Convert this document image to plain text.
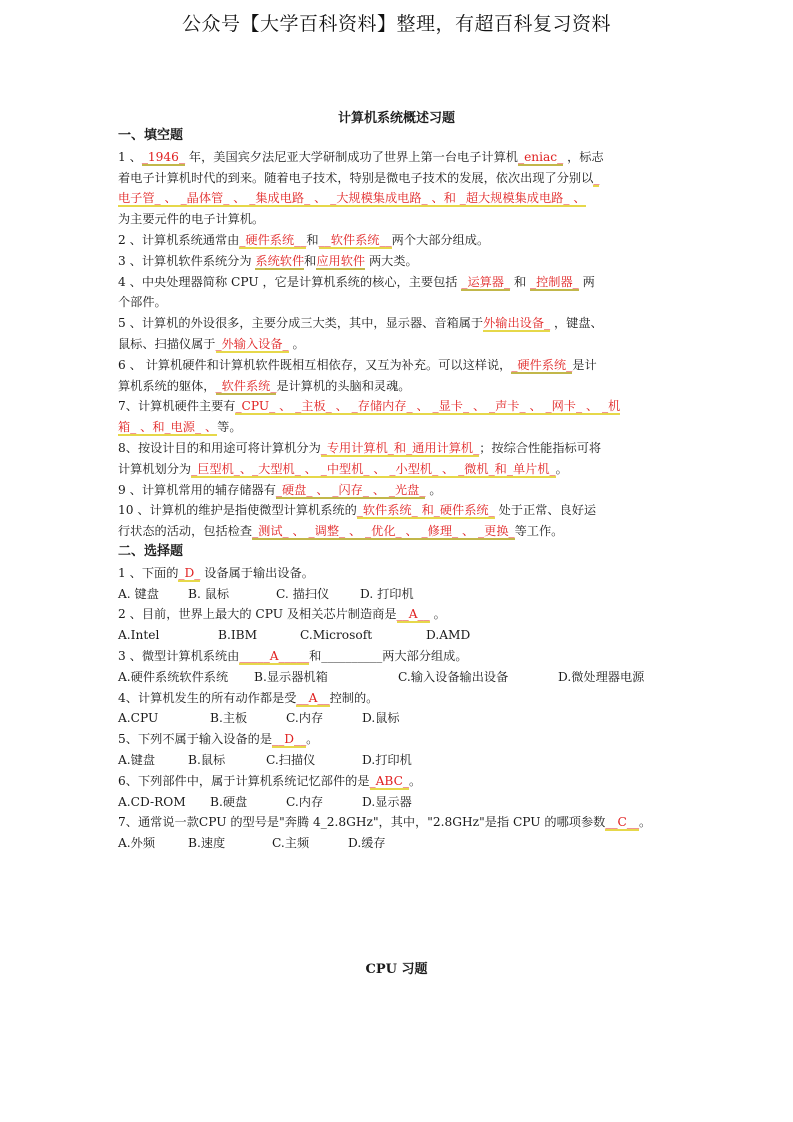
公众号【大学百科资料】整理，有超百科复习资料
计算机系统概述习题
一、填空题
1 、_1946_ 年，美国宾夕法尼亚大学研制成功了世界上第一台电子计算机_eniac_ ，标志
着电子计算机时代的到来。随着电子技术，特别是微电子技术的发展，依次出现了分别以_
电子管_ 、 _晶体管_ 、 _集成电路_ 、 _大规模集成电路_ 、和 _超大规模集成电路_ 、
为主要元件的电子计算机。
2 、计算机系统通常由_硬件系统__和__软件系统__两个大部分组成。
3 、计算机软件系统分为 系统软件和应用软件 两大类。
4 、中央处理器简称 CPU ，它是计算机系统的核心，主要包括 _运算器_ 和 _控制器_ 两
个部件。
5 、计算机的外设很多，主要分成三大类，其中，显示器、音箱属于外输出设备_ ，键盘、
鼠标、扫描仪属于_外输入设备_ 。
6 、 计算机硬件和计算机软件既相互相依存，又互为补充。可以这样说，_硬件系统_是计
算机系统的躯体，_软件系统_是计算机的头脑和灵魂。
7、计算机硬件主要有_CPU_ 、 _主板_ 、 _存储内存_ 、 _显卡_ 、 _声卡_ 、 _网卡_ 、 _机
箱_ 、和_电源_ 、等。
8、按设计目的和用途可将计算机分为_专用计算机_和_通用计算机_；按综合性能指标可将
计算机划分为_巨型机_、_大型机_ 、 _中型机_ 、 _小型机_ 、 _微机_和_单片机_。
9 、计算机常用的辅存储器有_硬盘_ 、 _闪存_ 、 _光盘_ 。
10 、计算机的维护是指使微型计算机系统的_软件系统_ 和_硬件系统_ 处于正常、良好运
行状态的活动，包括检查_测试_ 、 _调整_ 、 _优化_ 、 _修理_ 、 _更换_等工作。
二、选择题
1 、下面的_D_ 设备属于输出设备。
A. 键盘 B. 鼠标	C. 描扫仪	D. 打印机
2 、目前，世界上最大的 CPU 及相关芯片制造商是__A__ 。
A.Intel	B.IBM	C.Microsoft	D.AMD
3 、微型计算机系统由_____A_____和__________两大部分组成。
A.硬件系统软件系统 B.显示器机箱	C.输入设备输出设备	D.微处理器电源
4、计算机发生的所有动作都是受__A__控制的。
A.CPU	B.主板	C.内存	D.鼠标
5、下列不属于输入设备的是__D__。
A.键盘	B.鼠标	C.扫描仪	D.打印机
6、下列部件中，属于计算机系统记忆部件的是_ABC_。
A.CD-ROM B.硬盘	C.内存	D.显示器
7、通常说一款CPU 的型号是"奔腾 4_2.8GHz"，其中，"2.8GHz"是指 CPU 的哪项参数__C__。
A.外频	B.速度	C.主频	D.缓存
CPU 习题
